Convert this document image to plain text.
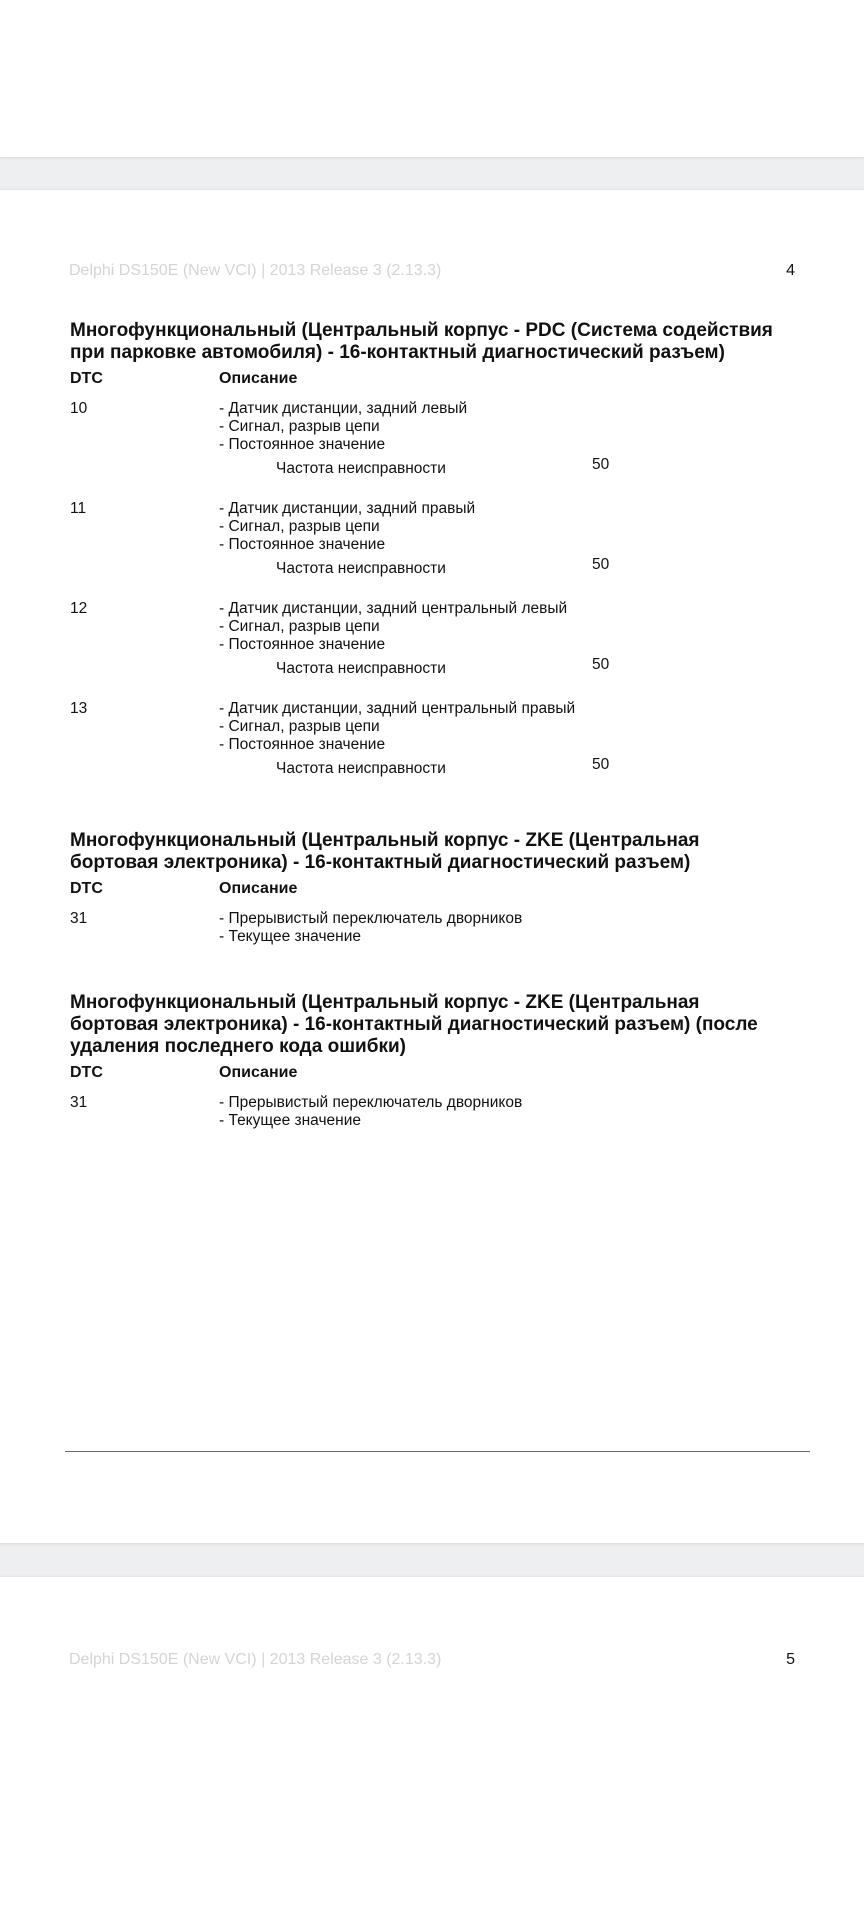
Delphi DS150E (New VCI) | 2013 Release 3 (2.13.3)	4

Многофункциональный (Центральный корпус - PDC (Система содействия
при парковке автомобиля) - 16-контактный диагностический разъем)

DTC	Описание
10	- Датчик дистанции, задний левый
- Сигнал, разрыв цепи
- Постоянное значение
Частота неисправности	50
11	- Датчик дистанции, задний правый
- Сигнал, разрыв цепи
- Постоянное значение
Частота неисправности	50
12	- Датчик дистанции, задний центральный левый
- Сигнал, разрыв цепи
- Постоянное значение
Частота неисправности	50
13	- Датчик дистанции, задний центральный правый
- Сигнал, разрыв цепи
- Постоянное значение
Частота неисправности	50

Многофункциональный (Центральный корпус - ZKE (Центральная
бортовая электроника) - 16-контактный диагностический разъем)

DTC	Описание
31	- Прерывистый переключатель дворников
- Текущее значение

Многофункциональный (Центральный корпус - ZKE (Центральная
бортовая электроника) - 16-контактный диагностический разъем) (после
удаления последнего кода ошибки)

DTC	Описание
31	- Прерывистый переключатель дворников
- Текущее значение
Delphi DS150E (New VCI) | 2013 Release 3 (2.13.3)	5
